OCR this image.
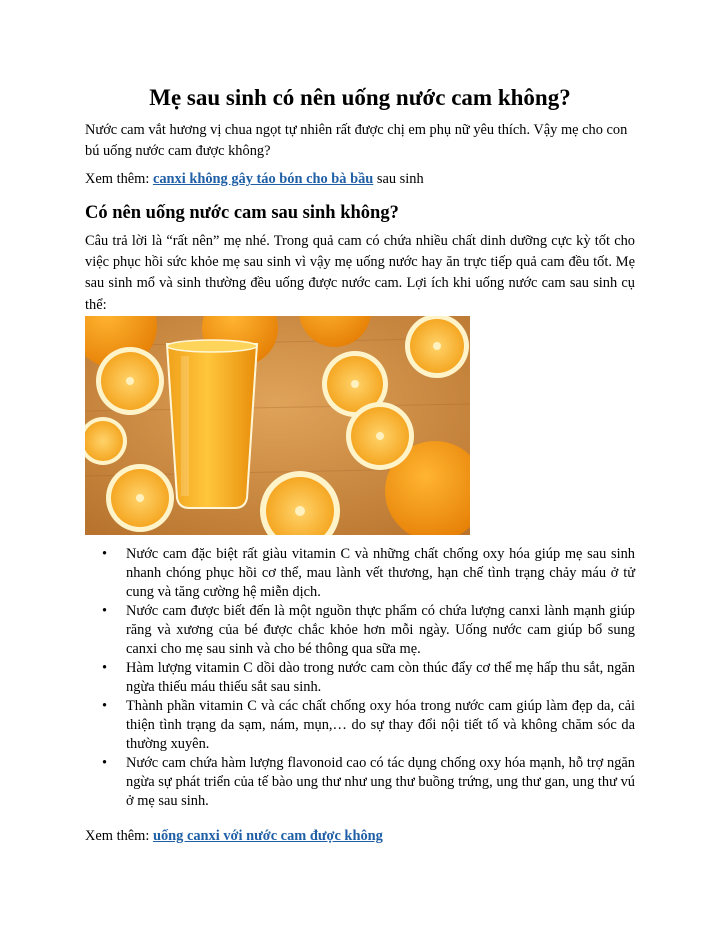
Mẹ sau sinh có nên uống nước cam không?

Nước cam vắt hương vị chua ngọt tự nhiên rất được chị em phụ nữ yêu thích. Vậy mẹ cho con bú uống nước cam được không?

Xem thêm: canxi không gây táo bón cho bà bầu sau sinh

Có nên uống nước cam sau sinh không?

Câu trả lời là “rất nên” mẹ nhé. Trong quả cam có chứa nhiều chất dinh dưỡng cực kỳ tốt cho việc phục hồi sức khỏe mẹ sau sinh vì vậy mẹ uống nước hay ăn trực tiếp quả cam đều tốt. Mẹ sau sinh mổ và sinh thường đều uống được nước cam. Lợi ích khi uống nước cam sau sinh cụ thể:

• Nước cam đặc biệt rất giàu vitamin C và những chất chống oxy hóa giúp mẹ sau sinh nhanh chóng phục hồi cơ thể, mau lành vết thương, hạn chế tình trạng chảy máu ở tử cung và tăng cường hệ miễn dịch.
• Nước cam được biết đến là một nguồn thực phẩm có chứa lượng canxi lành mạnh giúp răng và xương của bé được chắc khỏe hơn mỗi ngày. Uống nước cam giúp bổ sung canxi cho mẹ sau sinh và cho bé thông qua sữa mẹ.
• Hàm lượng vitamin C dồi dào trong nước cam còn thúc đẩy cơ thể mẹ hấp thu sắt, ngăn ngừa thiếu máu thiếu sắt sau sinh.
• Thành phần vitamin C và các chất chống oxy hóa trong nước cam giúp làm đẹp da, cải thiện tình trạng da sạm, nám, mụn,… do sự thay đổi nội tiết tố và không chăm sóc da thường xuyên.
• Nước cam chứa hàm lượng flavonoid cao có tác dụng chống oxy hóa mạnh, hỗ trợ ngăn ngừa sự phát triển của tế bào ung thư như ung thư buồng trứng, ung thư gan, ung thư vú ở mẹ sau sinh.

Xem thêm: uống canxi với nước cam được không
